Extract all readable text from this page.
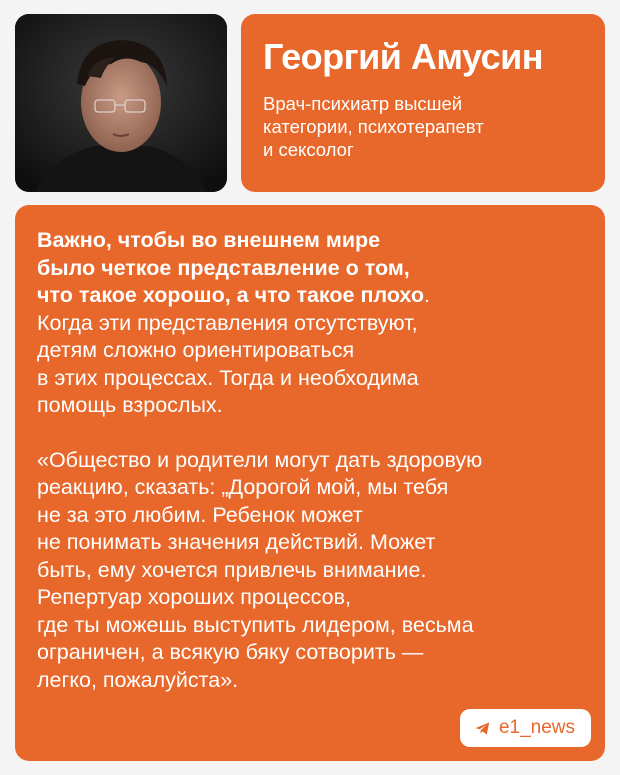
Георгий Амусин
Врач-психиатр высшей
категории, психотерапевт
и сексолог
Важно, чтобы во внешнем мире
было четкое представление о том,
что такое хорошо, а что такое плохо.
Когда эти представления отсутствуют,
детям сложно ориентироваться
в этих процессах. Тогда и необходима
помощь взрослых.
«Общество и родители могут дать здоровую
реакцию, сказать: „Дорогой мой, мы тебя
не за это любим. Ребенок может
не понимать значения действий. Может
быть, ему хочется привлечь внимание.
Репертуар хороших процессов,
где ты можешь выступить лидером, весьма
ограничен, а всякую бяку сотворить —
легко, пожалуйста».
e1_news
